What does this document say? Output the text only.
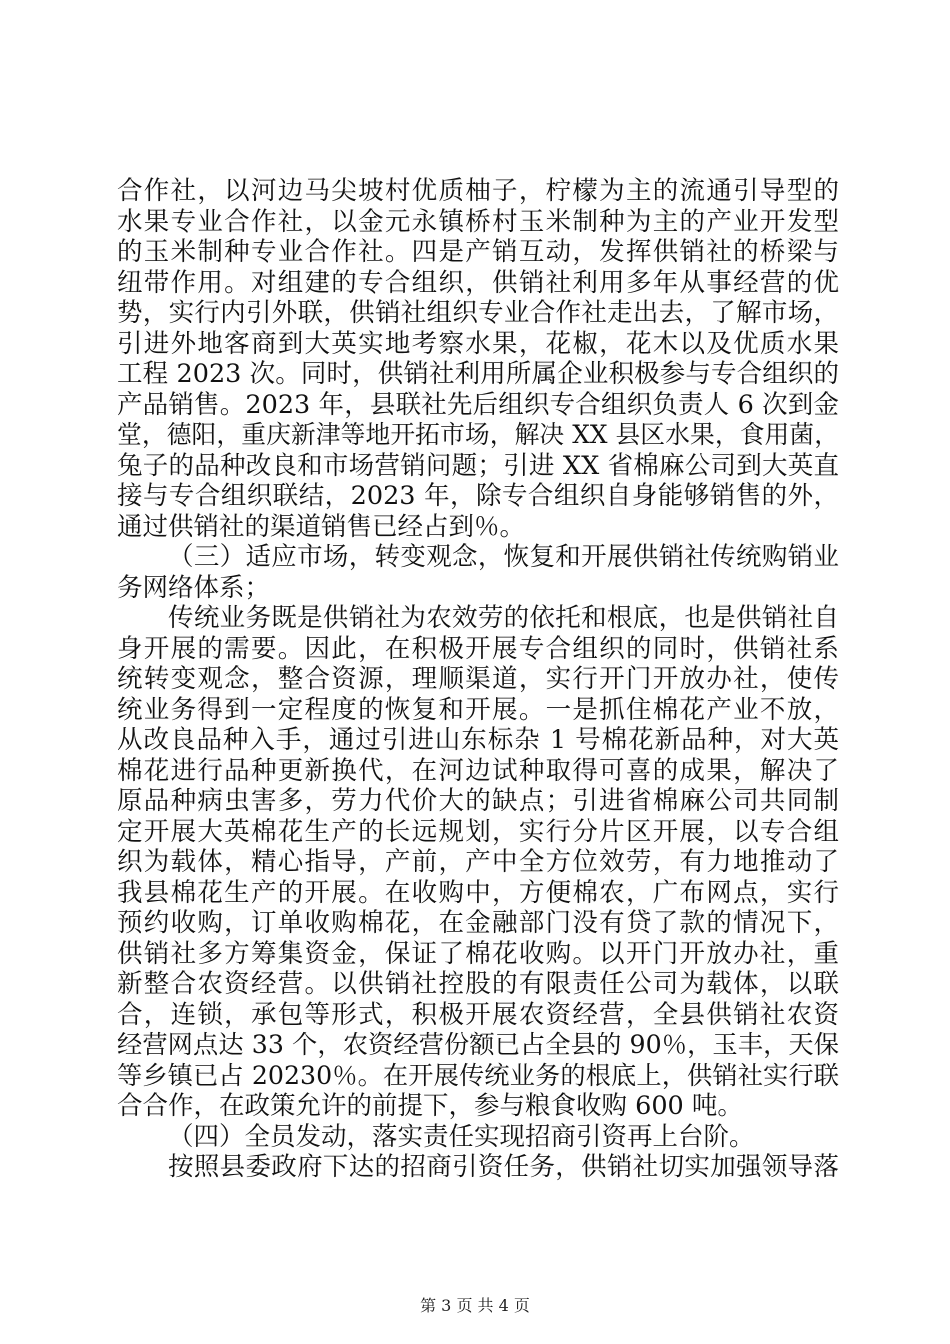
合作社，以河边马尖坡村优质柚子，柠檬为主的流通引导型的
水果专业合作社，以金元永镇桥村玉米制种为主的产业开发型
的玉米制种专业合作社。四是产销互动，发挥供销社的桥梁与
纽带作用。对组建的专合组织，供销社利用多年从事经营的优
势，实行内引外联，供销社组织专业合作社走出去，了解市场，
引进外地客商到大英实地考察水果，花椒，花木以及优质水果
工程 2023 次。同时，供销社利用所属企业积极参与专合组织的
产品销售。2023 年，县联社先后组织专合组织负责人 6 次到金
堂，德阳，重庆新津等地开拓市场，解决 XX 县区水果，食用菌，
兔子的品种改良和市场营销问题；引进 XX 省棉麻公司到大英直
接与专合组织联结，2023 年，除专合组织自身能够销售的外，
通过供销社的渠道销售已经占到％。
（三）适应市场，转变观念，恢复和开展供销社传统购销业
务网络体系；
传统业务既是供销社为农效劳的依托和根底，也是供销社自
身开展的需要。因此，在积极开展专合组织的同时，供销社系
统转变观念，整合资源，理顺渠道，实行开门开放办社，使传
统业务得到一定程度的恢复和开展。一是抓住棉花产业不放，
从改良品种入手，通过引进山东标杂 1 号棉花新品种，对大英
棉花进行品种更新换代，在河边试种取得可喜的成果，解决了
原品种病虫害多，劳力代价大的缺点；引进省棉麻公司共同制
定开展大英棉花生产的长远规划，实行分片区开展，以专合组
织为载体，精心指导，产前，产中全方位效劳，有力地推动了
我县棉花生产的开展。在收购中，方便棉农，广布网点，实行
预约收购，订单收购棉花，在金融部门没有贷了款的情况下，
供销社多方筹集资金，保证了棉花收购。以开门开放办社，重
新整合农资经营。以供销社控股的有限责任公司为载体，以联
合，连锁，承包等形式，积极开展农资经营，全县供销社农资
经营网点达 33 个，农资经营份额已占全县的 90％，玉丰，天保
等乡镇已占 20230％。在开展传统业务的根底上，供销社实行联
合合作，在政策允许的前提下，参与粮食收购 600 吨。
（四）全员发动，落实责任实现招商引资再上台阶。
按照县委政府下达的招商引资任务，供销社切实加强领导落
第 3 页 共 4 页
